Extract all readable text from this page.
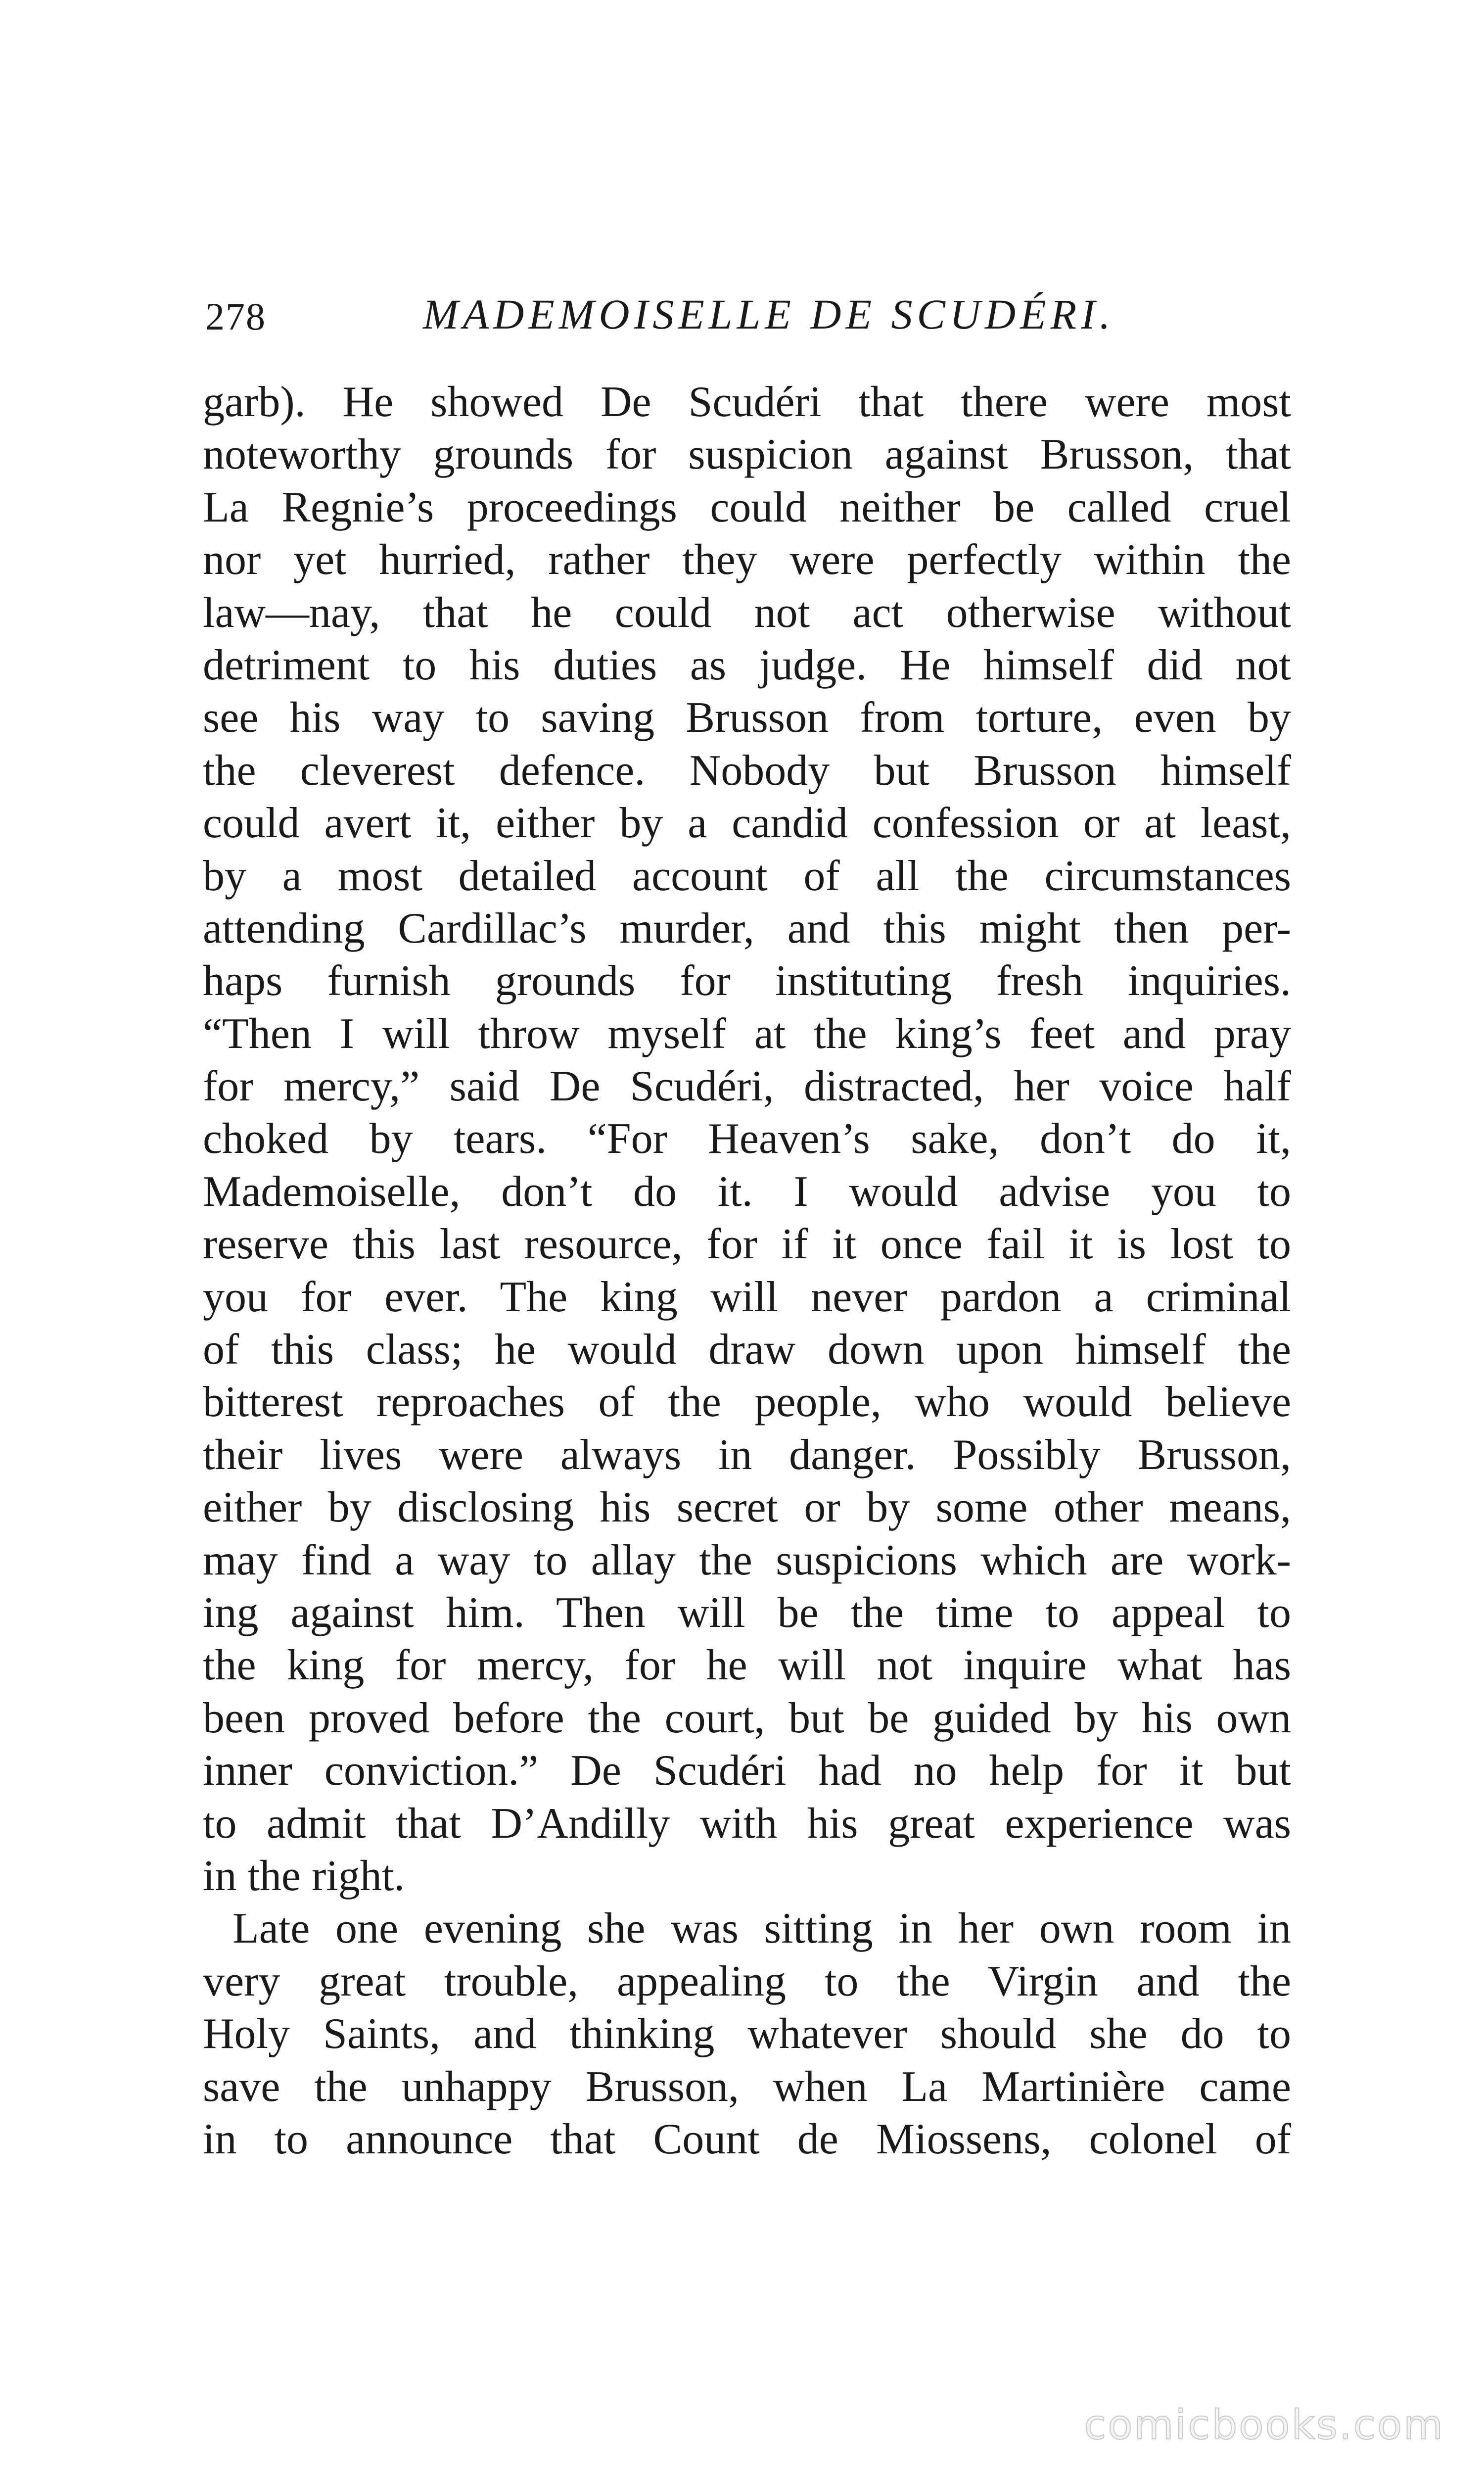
278	MADEMOISELLE DE SCUDÉRI.
garb). He showed De Scudéri that there were most
noteworthy grounds for suspicion against Brusson, that
La Regnie’s proceedings could neither be called cruel
nor yet hurried, rather they were perfectly within the
law—nay, that he could not act otherwise without
detriment to his duties as judge. He himself did not
see his way to saving Brusson from torture, even by
the cleverest defence. Nobody but Brusson himself
could avert it, either by a candid confession or at least,
by a most detailed account of all the circumstances
attending Cardillac’s murder, and this might then per-
haps furnish grounds for instituting fresh inquiries.
“Then I will throw myself at the king’s feet and pray
for mercy,” said De Scudéri, distracted, her voice half
choked by tears. “For Heaven’s sake, don’t do it,
Mademoiselle, don’t do it. I would advise you to
reserve this last resource, for if it once fail it is lost to
you for ever. The king will never pardon a criminal
of this class; he would draw down upon himself the
bitterest reproaches of the people, who would believe
their lives were always in danger. Possibly Brusson,
either by disclosing his secret or by some other means,
may find a way to allay the suspicions which are work-
ing against him. Then will be the time to appeal to
the king for mercy, for he will not inquire what has
been proved before the court, but be guided by his own
inner conviction.” De Scudéri had no help for it but
to admit that D’Andilly with his great experience was
in the right.
Late one evening she was sitting in her own room in
very great trouble, appealing to the Virgin and the
Holy Saints, and thinking whatever should she do to
save the unhappy Brusson, when La Martinière came
in to announce that Count de Miossens, colonel of
comicbooks.com
